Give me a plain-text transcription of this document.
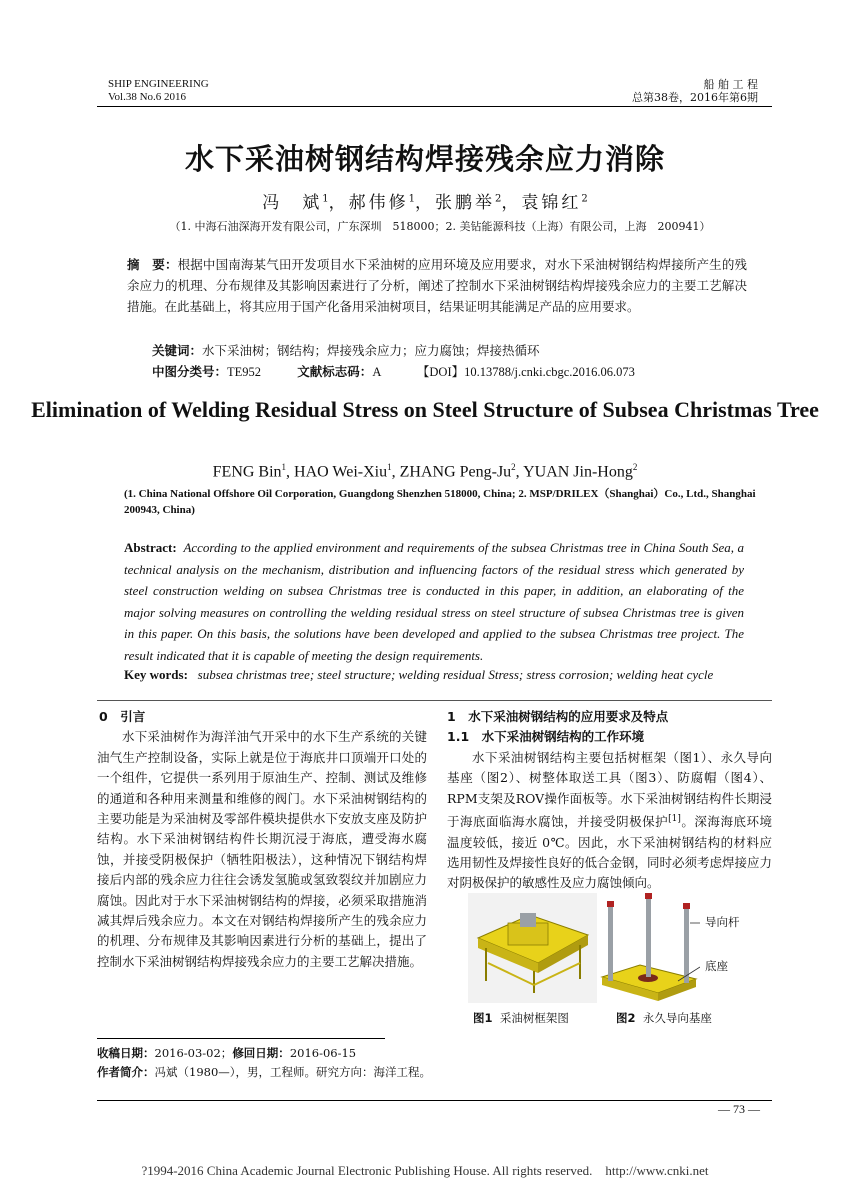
SHIP ENGINEERING
Vol.38 No.6 2016
船 舶 工 程
总第38卷，2016年第6期
水下采油树钢结构焊接残余应力消除
冯　斌$^1$，郝伟修$^1$，张鹏举$^2$，袁锦红$^2$
（1. 中海石油深海开发有限公司，广东深圳　518000；2. 美钻能源科技（上海）有限公司，上海　200941）
摘　要：根据中国南海某气田开发项目水下采油树的应用环境及应用要求，对水下采油树钢结构焊接所产生的残余应力的机理、分布规律及其影响因素进行了分析，阐述了控制水下采油树钢结构焊接残余应力的主要工艺解决措施。在此基础上，将其应用于国产化备用采油树项目，结果证明其能满足产品的应用要求。
关键词：水下采油树；钢结构；焊接残余应力；应力腐蚀；焊接热循环
中图分类号：TE952	文献标志码：A	【DOI】10.13788/j.cnki.cbgc.2016.06.073
Elimination of Welding Residual Stress on Steel Structure of Subsea Christmas Tree
FENG Bin$^1$, HAO Wei-Xiu$^1$, ZHANG Peng-Ju$^2$, YUAN Jin-Hong$^2$
(1. China National Offshore Oil Corporation, Guangdong Shenzhen 518000, China; 2. MSP/DRILEX（Shanghai）Co., Ltd., Shanghai 200943, China)
Abstract: According to the applied environment and requirements of the subsea Christmas tree in China South Sea, a technical analysis on the mechanism, distribution and influencing factors of the residual stress which generated by steel construction welding on subsea Christmas tree is conducted in this paper, in addition, an elaborating of the major solving measures on controlling the welding residual stress on steel structure of subsea Christmas tree is given in this paper. On this basis, the solutions have been developed and applied to the subsea Christmas tree project. The result indicated that it is capable of meeting the design requirements.
Key words: subsea christmas tree; steel structure; welding residual Stress; stress corrosion; welding heat cycle
0　引言

水下采油树作为海洋油气开采中的水下生产系统的关键油气生产控制设备，实际上就是位于海底井口顶端开口处的一个组件，它提供一系列用于原油生产、控制、测试及维修的通道和各种用来测量和维修的阀门。水下采油树钢结构的主要功能是为采油树及零部件模块提供水下安放支座及防护结构。水下采油树钢结构件长期沉浸于海底，遭受海水腐蚀，并接受阴极保护（牺牲阳极法），这种情况下钢结构焊接后内部的残余应力往往会诱发氢脆或氢致裂纹并加剧应力腐蚀。因此对于水下采油树钢结构的焊接，必须采取措施消减其焊后残余应力。本文在对钢结构焊接所产生的残余应力的机理、分布规律及其影响因素进行分析的基础上，提出了控制水下采油树钢结构焊接残余应力的主要工艺解决措施。

1　水下采油树钢结构的应用要求及特点
1.1　水下采油树钢结构的工作环境

水下采油树钢结构主要包括树框架（图1）、永久导向基座（图2）、树整体取送工具（图3）、防腐帽（图4）、RPM支架及ROV操作面板等。水下采油树钢结构件长期浸于海底面临海水腐蚀，并接受阴极保护[1]。深海海底环境温度较低，接近 0℃。因此，水下采油树钢结构的材料应选用韧性及焊接性良好的低合金钢，同时必须考虑焊接应力对阴极保护的敏感性及应力腐蚀倾向。

图1 采油树框架图
导向杆
底座
图2 永久导向基座
收稿日期：2016-03-02；修回日期：2016-06-15
作者简介：冯斌（1980—），男，工程师。研究方向：海洋工程。
— 73 —
?1994-2016 China Academic Journal Electronic Publishing House. All rights reserved.　http://www.cnki.net
